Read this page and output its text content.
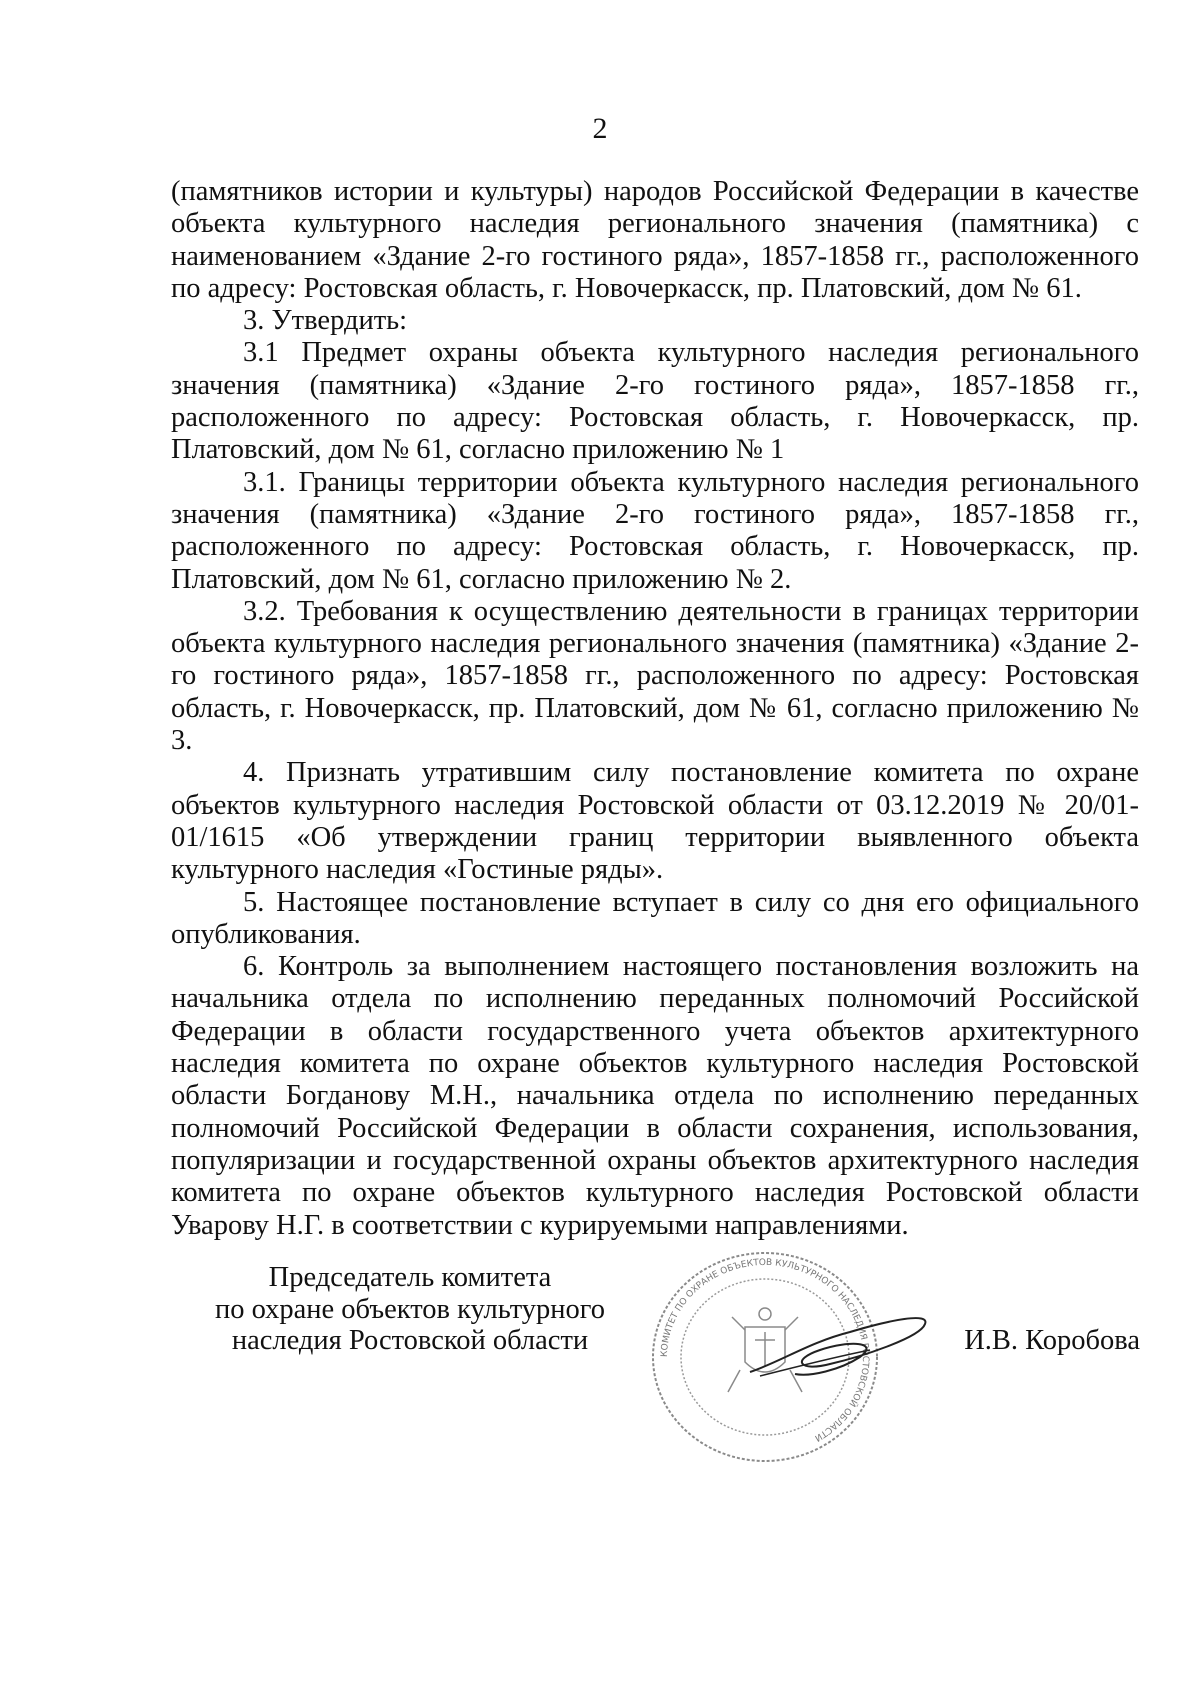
2

(памятников истории и культуры) народов Российской Федерации в качестве объекта культурного наследия регионального значения (памятника) с наименованием «Здание 2-го гостиного ряда», 1857-1858 гг., расположенного по адресу: Ростовская область, г. Новочеркасск, пр. Платовский, дом № 61.

3. Утвердить:

3.1 Предмет охраны объекта культурного наследия регионального значения (памятника) «Здание 2-го гостиного ряда», 1857-1858 гг., расположенного по адресу: Ростовская область, г. Новочеркасск, пр. Платовский, дом № 61, согласно приложению № 1

3.1. Границы территории объекта культурного наследия регионального значения (памятника) «Здание 2-го гостиного ряда», 1857-1858 гг., расположенного по адресу: Ростовская область, г. Новочеркасск, пр. Платовский, дом № 61, согласно приложению № 2.

3.2. Требования к осуществлению деятельности в границах территории объекта культурного наследия регионального значения (памятника) «Здание 2- го гостиного ряда», 1857-1858 гг., расположенного по адресу: Ростовская область, г. Новочеркасск, пр. Платовский, дом № 61, согласно приложению № 3.

4. Признать утратившим силу постановление комитета по охране объектов культурного наследия Ростовской области от 03.12.2019 № 20/01-01/1615 «Об утверждении границ территории выявленного объекта культурного наследия «Гостиные ряды».

5. Настоящее постановление вступает в силу со дня его официального опубликования.

6. Контроль за выполнением настоящего постановления возложить на начальника отдела по исполнению переданных полномочий Российской Федерации в области государственного учета объектов архитектурного наследия комитета по охране объектов культурного наследия Ростовской области Богданову М.Н., начальника отдела по исполнению переданных полномочий Российской Федерации в области сохранения, использования, популяризации и государственной охраны объектов архитектурного наследия комитета по охране объектов культурного наследия Ростовской области Уварову Н.Г. в соответствии с курируемыми направлениями.

Председатель комитета
по охране объектов культурного
наследия Ростовской области	КОМИТЕТ ПО ОХРАНЕ ОБЪЕКТОВ КУЛЬТУРНОГО НАСЛЕДИЯ РОСТОВСКОЙ ОБЛАСТИ
И.В. Коробова
